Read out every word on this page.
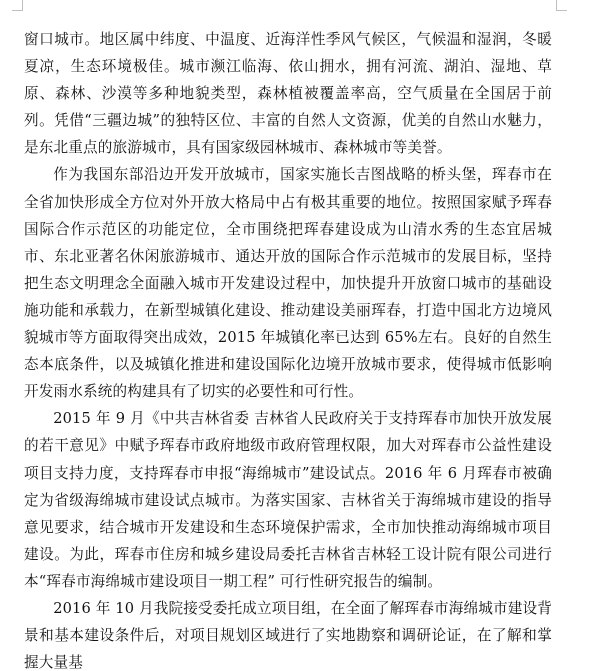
窗口城市。地区属中纬度、中温度、近海洋性季风气候区，气候温和湿润，冬暖夏凉，生态环境极佳。城市濒江临海、依山拥水，拥有河流、湖泊、湿地、草原、森林、沙漠等多种地貌类型，森林植被覆盖率高，空气质量在全国居于前列。凭借“三疆边城”的独特区位、丰富的自然人文资源，优美的自然山水魅力，是东北重点的旅游城市，具有国家级园林城市、森林城市等美誉。

作为我国东部沿边开发开放城市，国家实施长吉图战略的桥头堡，珲春市在全省加快形成全方位对外开放大格局中占有极其重要的地位。按照国家赋予珲春国际合作示范区的功能定位，全市围绕把珲春建设成为山清水秀的生态宜居城市、东北亚著名休闲旅游城市、通达开放的国际合作示范城市的发展目标，坚持把生态文明理念全面融入城市开发建设过程中，加快提升开放窗口城市的基础设施功能和承载力，在新型城镇化建设、推动建设美丽珲春，打造中国北方边境风貌城市等方面取得突出成效，2015 年城镇化率已达到 65%左右。良好的自然生态本底条件，以及城镇化推进和建设国际化边境开放城市要求，使得城市低影响开发雨水系统的构建具有了切实的必要性和可行性。

2015 年 9 月《中共吉林省委 吉林省人民政府关于支持珲春市加快开放发展的若干意见》中赋予珲春市政府地级市政府管理权限，加大对珲春市公益性建设项目支持力度，支持珲春市申报“海绵城市”建设试点。2016 年 6 月珲春市被确定为省级海绵城市建设试点城市。为落实国家、吉林省关于海绵城市建设的指导意见要求，结合城市开发建设和生态环境保护需求，全市加快推动海绵城市项目建设。为此，珲春市住房和城乡建设局委托吉林省吉林轻工设计院有限公司进行本“珲春市海绵城市建设项目一期工程” 可行性研究报告的编制。

2016 年 10 月我院接受委托成立项目组，在全面了解珲春市海绵城市建设背景和基本建设条件后，对项目规划区域进行了实地勘察和调研论证，在了解和掌握大量基
